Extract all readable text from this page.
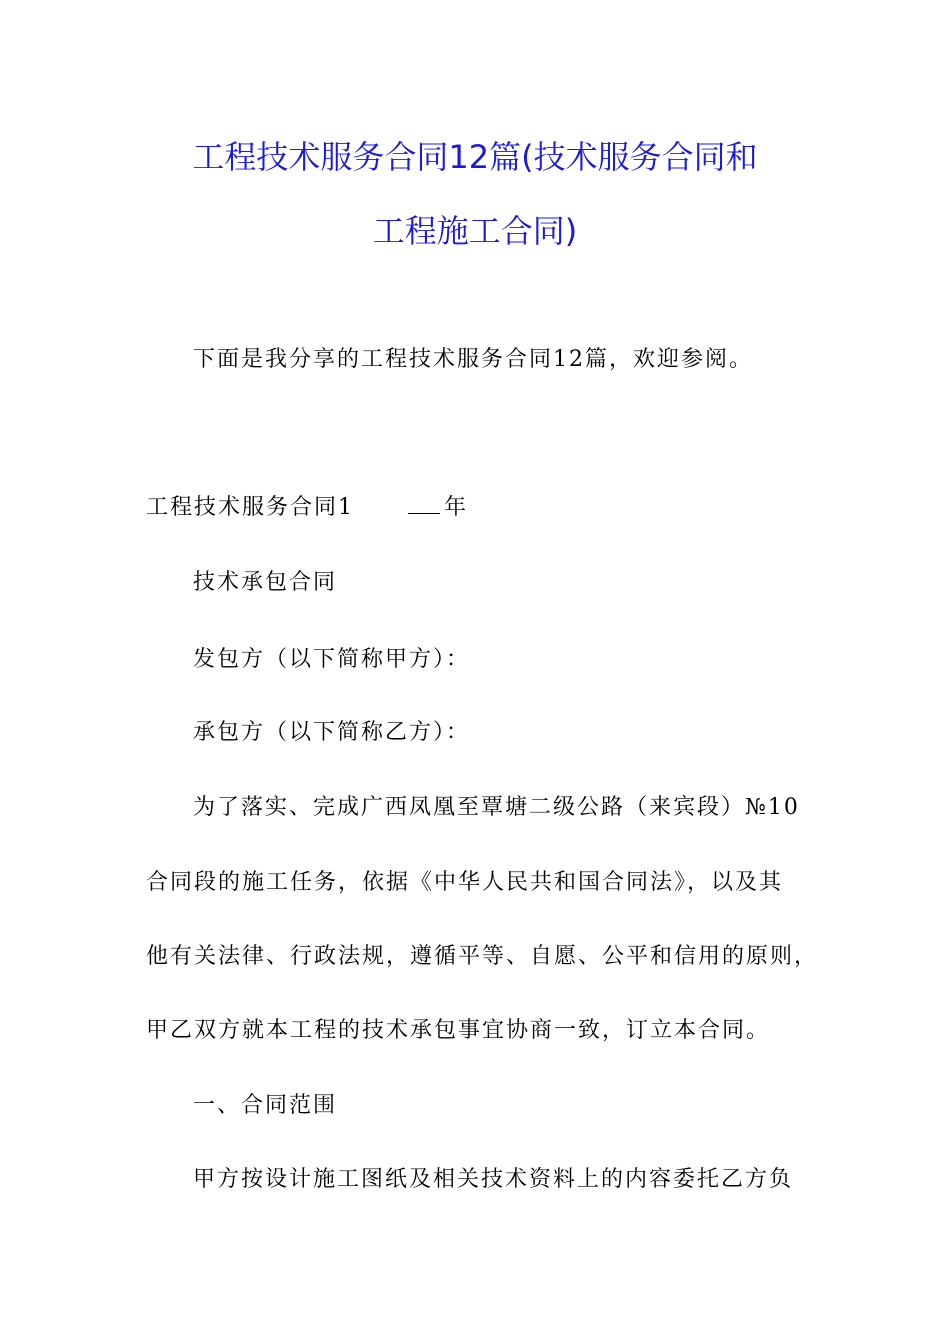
工程技术服务合同12篇(技术服务合同和
工程施工合同)
下面是我分享的工程技术服务合同12篇，欢迎参阅。
工程技术服务合同1	年
技术承包合同
发包方（以下简称甲方）：
承包方（以下简称乙方）：
为了落实、完成广西凤凰至覃塘二级公路（来宾段）№10
合同段的施工任务，依据《中华人民共和国合同法》，以及其
他有关法律、行政法规，遵循平等、自愿、公平和信用的原则，
甲乙双方就本工程的技术承包事宜协商一致，订立本合同。
一、合同范围
甲方按设计施工图纸及相关技术资料上的内容委托乙方负
